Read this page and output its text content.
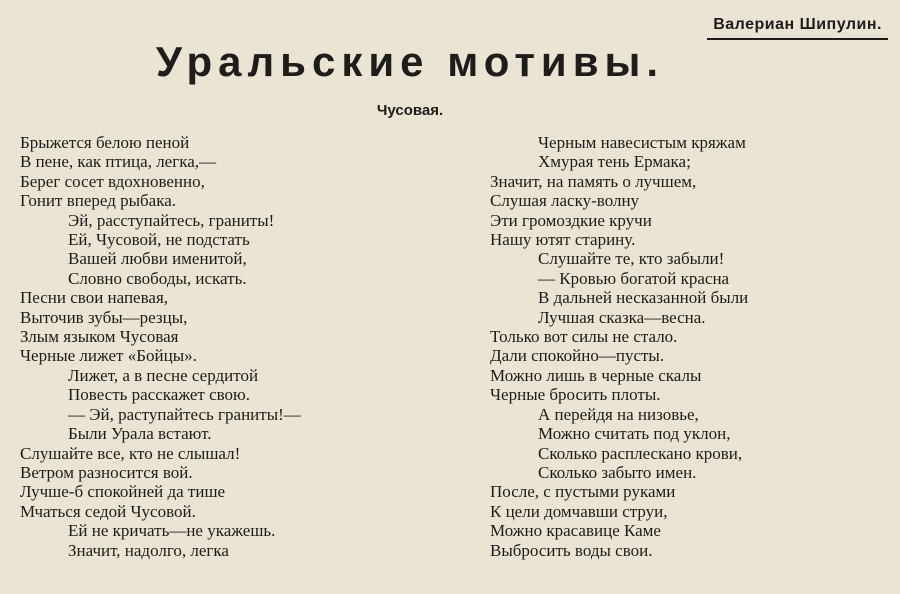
Валериан Шипулин.
Уральские мотивы.
Чусовая.
Брыжется белою пеной
В пене, как птица, легка,—
Берег сосет вдохновенно,
Гонит вперед рыбака.
Эй, расступайтесь, граниты!
Ей, Чусовой, не подстать
Вашей любви именитой,
Словно свободы, искать.
Песни свои напевая,
Выточив зубы—резцы,
Злым языком Чусовая
Черные лижет «Бойцы».
Лижет, а в песне сердитой
Повесть расскажет свою.
— Эй, раступайтесь граниты!—
Были Урала встают.
Слушайте все, кто не слышал!
Ветром разносится вой.
Лучше-б спокойней да тише
Мчаться седой Чусовой.
Ей не кричать—не укажешь.
Значит, надолго, легка
Черным навесистым кряжам
Хмурая тень Ермака;
Значит, на память о лучшем,
Слушая ласку-волну
Эти громоздкие кручи
Нашу ютят старину.
Слушайте те, кто забыли!
— Кровью богатой красна
В дальней несказанной были
Лучшая сказка—весна.
Только вот силы не стало.
Дали спокойно—пусты.
Можно лишь в черные скалы
Черные бросить плоты.
А перейдя на низовье,
Можно считать под уклон,
Сколько расплескано крови,
Сколько забыто имен.
После, с пустыми руками
К цели домчавши струи,
Можно красавице Каме
Выбросить воды свои.
